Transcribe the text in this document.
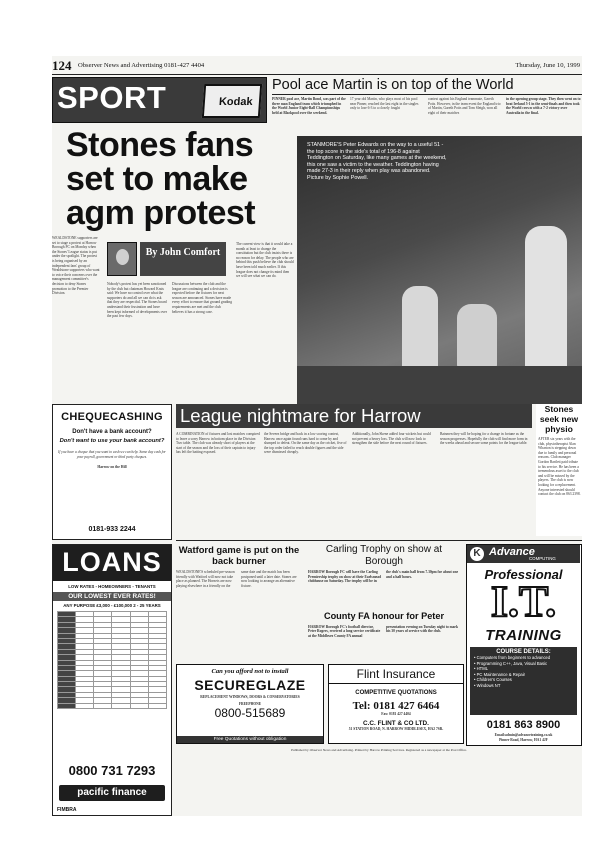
124 Observer News and Advertising 0181-427 4404	Thursday, June 10, 1999
SPORT	Kodak
Pool ace Martin is on top of the World
PINNER pool ace, Martin Bond, was part of the three man England team which triumphed in the World Junior Eight-Ball Championships held at Blackpool over the weekend.
17 year old Martin, who plays most of his pool near Pinner, reached the last eight in the singles only to lose 6-3 to a closely fought
contest against his England teammate, Gareth Potts. However, in the team event the England trio of Martin, Gareth Potts and Tom Sleigh, won all eight of their matches
in the opening group stage. They then went on to beat Ireland 5-1 in the semi-finals and then took the World crown with a 7-2 victory over Australia in the final.
Stones fans
set to make
agm protest
STANMORE'S Peter Edwards on the way to a useful 51 - the top score in the side's total of 196-8 against Teddington on Saturday, like many games at the weekend, this one saw a victim to the weather. Teddington having made 27-3 in their reply when play was abandoned. Picture by Sophie Powell.
WEALDSTONE supporters are set to stage a protest at Harrow Borough FC on Monday when the Stones' League status is put under the spotlight. The protest is being organised by an independent fans' group of Wealdstone supporters who want to voice their concerns over the management committee's decision to deny Stones promotion to the Premier Division.
By John Comfort
Nobody's protest has yet been sanctioned by the club but chairman Howard Krais said: We have no control over what the supporters do and all we can do is ask that they are respectful. The Stones board understand their frustration and have been kept informed of developments over the past few days.
Discussions between the club and the league are continuing and a decision is expected before the fixtures for next season are announced. Stones have made every effort to ensure that ground grading requirements are met and the club believes it has a strong case.
The current view is that it would take a month at least to change the constitution but the club insists there is no reason for delay. The people who are behind this push believe the club should have been told much earlier. If this league does not change its mind then we will see what we can do.
CHEQUECASHING
Don't have a bank account?
Don't want to use your bank account?
If you have a cheque that you want to cash we can help. Same day cash for your payroll, government or third party cheques.
Harrow on the Hill
0181-933 2244
League nightmare for Harrow
A COMBINATION of fixtures and lost matches conspired to leave a sorry Harrow in bottom place in the Division Two table. The club was already short of players at the start of the season and the loss of their captain to injury has left the batting exposed.
the Severn bridge and back in a low scoring contest, Harrow once again found runs hard to come by and slumped to defeat. On the same day as the cricket, five of the top order failed to reach double figures and the side were dismissed cheaply.
Additionally, John Skene added four wickets but could not prevent a heavy loss. The club will now look to strengthen the side before the next round of fixtures.
Batsmen they will be hoping for a change in fortune as the season progresses. Hopefully the club will find more form in the weeks ahead and secure some points for the league table.
Stones seek new physio
AFTER six years with the club, physiotherapist Alan Wharton is stepping down due to family and personal reasons. Club manager Gordon Bartlett paid tribute to his service. He has been a tremendous asset to the club and will be missed by the players. The club is now looking for a replacement. Anyone interested should contact the club on 863 2398.
Watford game is put on the back burner
WEALDSTONE'S scheduled pre-season friendly with Watford will now not take place as planned. The Hornets are now playing elsewhere in a friendly on the same date and the match has been postponed until a later date. Stones are now looking to arrange an alternative fixture.
Carling Trophy on show at Borough
HARROW Borough FC will have the Carling Premiership trophy on show at their Earlsmead clubhouse on Saturday. The trophy will be in the club's main hall from 7.30pm for about one and a half hours.
County FA honour for Peter
HARROW Borough FC's football director, Peter Rogers, received a long service certificate at the Middlesex County FA annual presentation evening on Tuesday night to mark his 30 years of service with the club.
LOANS
LOW RATES - HOMEOWNERS - TENANTS
OUR LOWEST EVER RATES!
ANY PURPOSE £3,000 - £100,000 2 - 25 YEARS

0800 731 7293
pacific finance
FIMBRA
Can you afford not to install
SECUREGLAZE
REPLACEMENT WINDOWS, DOORS & CONSERVATORIES
FREEPHONE
0800-515689
Free Quotations without obligation
Flint Insurance
COMPETITIVE QUOTATIONS
Tel: 0181 427 6464
Fax: 0181 427 4404
C.C. FLINT & CO LTD.
51 STATION ROAD, N. HARROW MIDDLESEX, HA2 7SR.
K Advance
COMPUTING
Professional
I.T.
TRAINING
COURSE DETAILS:
• Computers from beginners to advanced
• Programming C++, Java, Visual Basic
• HTML
• PC Maintenance & Repair
• Children's Courses
• Windows NT
0181 863 8900
Email:admin@advancetraining.co.uk
Pinner Road, Harrow, HA1 4JF
Published by Observer News and Advertising. Printed by Harrow Printing Services. Registered as a newspaper at the Post Office.
